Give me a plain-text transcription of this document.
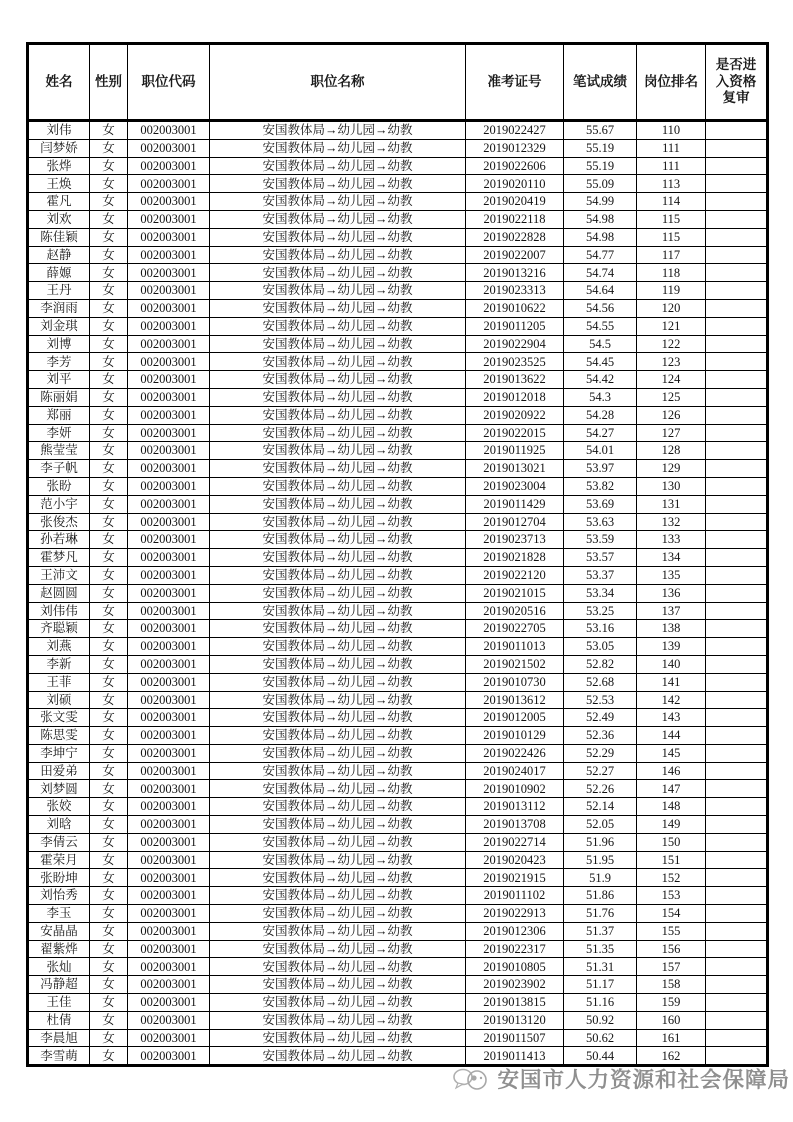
姓名	性别	职位代码	职位名称	准考证号	笔试成绩	岗位排名	是否进入资格复审
刘伟	女	002003001	安国教体局→幼儿园→幼教	2019022427	55.67	110	
闫梦娇	女	002003001	安国教体局→幼儿园→幼教	2019012329	55.19	111	
张烨	女	002003001	安国教体局→幼儿园→幼教	2019022606	55.19	111	
王焕	女	002003001	安国教体局→幼儿园→幼教	2019020110	55.09	113	
霍凡	女	002003001	安国教体局→幼儿园→幼教	2019020419	54.99	114	
刘欢	女	002003001	安国教体局→幼儿园→幼教	2019022118	54.98	115	
陈佳颖	女	002003001	安国教体局→幼儿园→幼教	2019022828	54.98	115	
赵静	女	002003001	安国教体局→幼儿园→幼教	2019022007	54.77	117	
薛嫄	女	002003001	安国教体局→幼儿园→幼教	2019013216	54.74	118	
王丹	女	002003001	安国教体局→幼儿园→幼教	2019023313	54.64	119	
李润雨	女	002003001	安国教体局→幼儿园→幼教	2019010622	54.56	120	
刘金琪	女	002003001	安国教体局→幼儿园→幼教	2019011205	54.55	121	
刘博	女	002003001	安国教体局→幼儿园→幼教	2019022904	54.5	122	
李芳	女	002003001	安国教体局→幼儿园→幼教	2019023525	54.45	123	
刘平	女	002003001	安国教体局→幼儿园→幼教	2019013622	54.42	124	
陈丽娟	女	002003001	安国教体局→幼儿园→幼教	2019012018	54.3	125	
郑丽	女	002003001	安国教体局→幼儿园→幼教	2019020922	54.28	126	
李妍	女	002003001	安国教体局→幼儿园→幼教	2019022015	54.27	127	
熊莹莹	女	002003001	安国教体局→幼儿园→幼教	2019011925	54.01	128	
李子帆	女	002003001	安国教体局→幼儿园→幼教	2019013021	53.97	129	
张盼	女	002003001	安国教体局→幼儿园→幼教	2019023004	53.82	130	
范小宇	女	002003001	安国教体局→幼儿园→幼教	2019011429	53.69	131	
张俊杰	女	002003001	安国教体局→幼儿园→幼教	2019012704	53.63	132	
孙若琳	女	002003001	安国教体局→幼儿园→幼教	2019023713	53.59	133	
霍梦凡	女	002003001	安国教体局→幼儿园→幼教	2019021828	53.57	134	
王沛文	女	002003001	安国教体局→幼儿园→幼教	2019022120	53.37	135	
赵圆圆	女	002003001	安国教体局→幼儿园→幼教	2019021015	53.34	136	
刘伟伟	女	002003001	安国教体局→幼儿园→幼教	2019020516	53.25	137	
齐聪颖	女	002003001	安国教体局→幼儿园→幼教	2019022705	53.16	138	
刘燕	女	002003001	安国教体局→幼儿园→幼教	2019011013	53.05	139	
李新	女	002003001	安国教体局→幼儿园→幼教	2019021502	52.82	140	
王菲	女	002003001	安国教体局→幼儿园→幼教	2019010730	52.68	141	
刘硕	女	002003001	安国教体局→幼儿园→幼教	2019013612	52.53	142	
张文雯	女	002003001	安国教体局→幼儿园→幼教	2019012005	52.49	143	
陈思雯	女	002003001	安国教体局→幼儿园→幼教	2019010129	52.36	144	
李坤宁	女	002003001	安国教体局→幼儿园→幼教	2019022426	52.29	145	
田爱弟	女	002003001	安国教体局→幼儿园→幼教	2019024017	52.27	146	
刘梦圆	女	002003001	安国教体局→幼儿园→幼教	2019010902	52.26	147	
张姣	女	002003001	安国教体局→幼儿园→幼教	2019013112	52.14	148	
刘晗	女	002003001	安国教体局→幼儿园→幼教	2019013708	52.05	149	
李倩云	女	002003001	安国教体局→幼儿园→幼教	2019022714	51.96	150	
霍荣月	女	002003001	安国教体局→幼儿园→幼教	2019020423	51.95	151	
张盼坤	女	002003001	安国教体局→幼儿园→幼教	2019021915	51.9	152	
刘怡秀	女	002003001	安国教体局→幼儿园→幼教	2019011102	51.86	153	
李玉	女	002003001	安国教体局→幼儿园→幼教	2019022913	51.76	154	
安晶晶	女	002003001	安国教体局→幼儿园→幼教	2019012306	51.37	155	
翟紫烨	女	002003001	安国教体局→幼儿园→幼教	2019022317	51.35	156	
张灿	女	002003001	安国教体局→幼儿园→幼教	2019010805	51.31	157	
冯静超	女	002003001	安国教体局→幼儿园→幼教	2019023902	51.17	158	
王佳	女	002003001	安国教体局→幼儿园→幼教	2019013815	51.16	159	
杜倩	女	002003001	安国教体局→幼儿园→幼教	2019013120	50.92	160	
李晨旭	女	002003001	安国教体局→幼儿园→幼教	2019011507	50.62	161	
李雪萌	女	002003001	安国教体局→幼儿园→幼教	2019011413	50.44	162	
安国市人力资源和社会保障局
